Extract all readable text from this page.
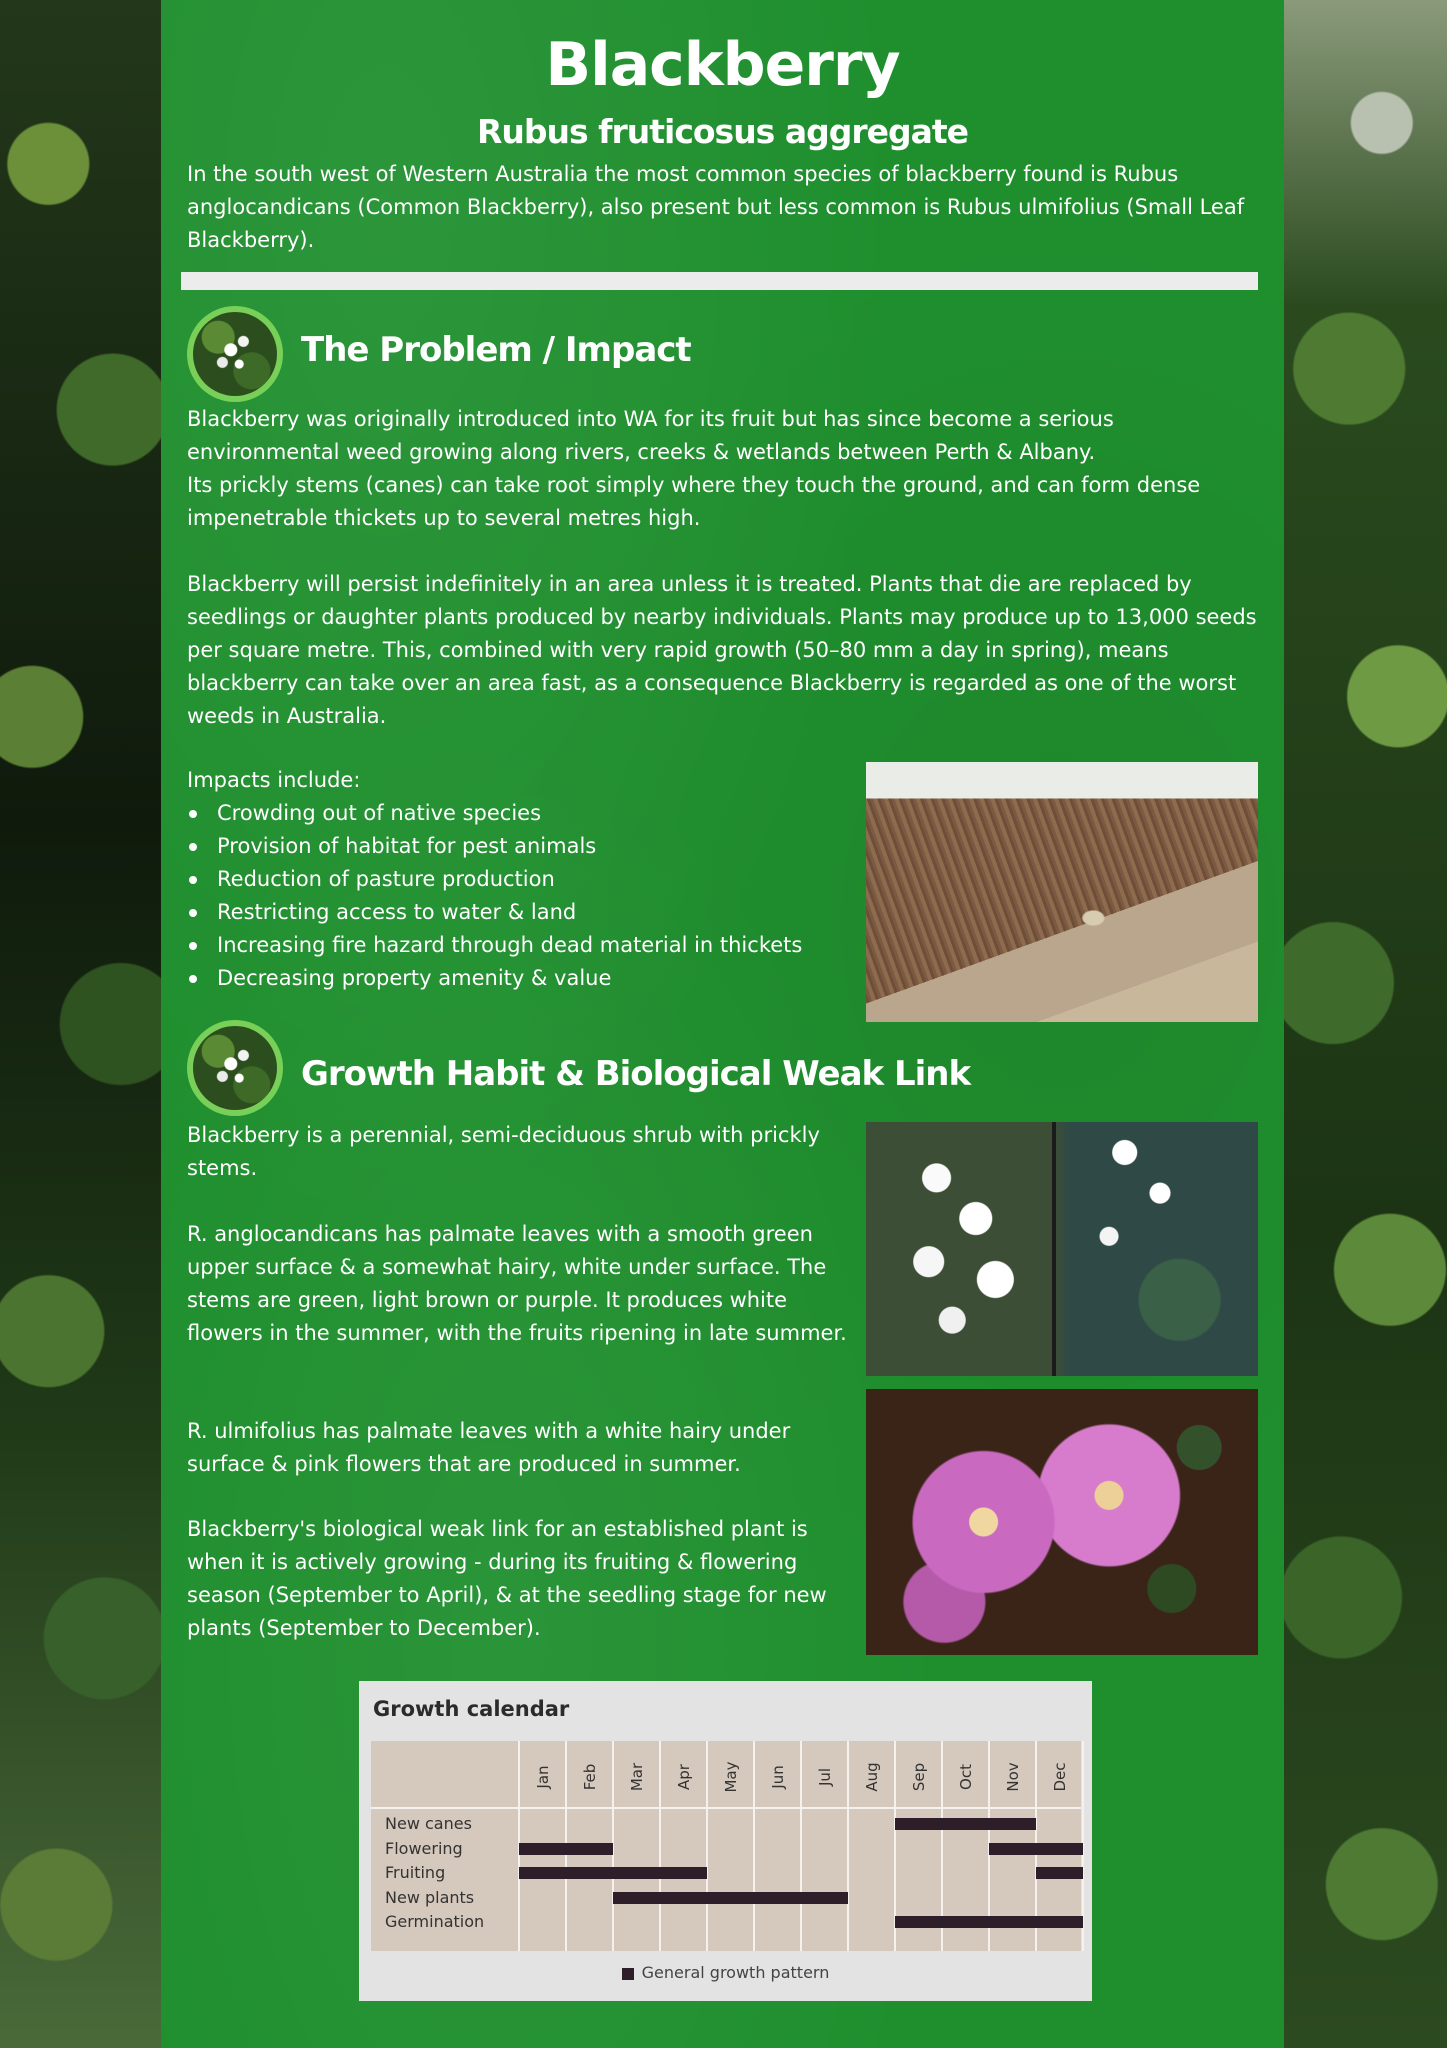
Blackberry
Rubus fruticosus aggregate
In the south west of Western Australia the most common species of blackberry found is Rubus anglocandicans (Common Blackberry), also present but less common is Rubus ulmifolius (Small Leaf Blackberry).
The Problem / Impact
Blackberry was originally introduced into WA for its fruit but has since become a serious environmental weed growing along rivers, creeks & wetlands between Perth & Albany.
Its prickly stems (canes) can take root simply where they touch the ground, and can form dense impenetrable thickets up to several metres high.
Blackberry will persist indefinitely in an area unless it is treated. Plants that die are replaced by seedlings or daughter plants produced by nearby individuals. Plants may produce up to 13,000 seeds per square metre. This, combined with very rapid growth (50–80 mm a day in spring), means blackberry can take over an area fast, as a consequence Blackberry is regarded as one of the worst weeds in Australia.
Impacts include:
Crowding out of native species
Provision of habitat for pest animals
Reduction of pasture production
Restricting access to water & land
Increasing fire hazard through dead material in thickets
Decreasing property amenity & value
Growth Habit & Biological Weak Link
Blackberry is a perennial, semi-deciduous shrub with prickly stems.
R. anglocandicans has palmate leaves with a smooth green upper surface & a somewhat hairy, white under surface. The stems are green, light brown or purple. It produces white flowers in the summer, with the fruits ripening in late summer.
R. ulmifolius has palmate leaves with a white hairy under surface & pink flowers that are produced in summer.
Blackberry's biological weak link for an established plant is when it is actively growing - during its fruiting & flowering season (September to April), & at the seedling stage for new plants (September to December).
Growth calendar
Jan Feb Mar Apr May Jun Jul Aug Sep Oct Nov Dec
New canes
Flowering
Fruiting
New plants
Germination
General growth pattern
